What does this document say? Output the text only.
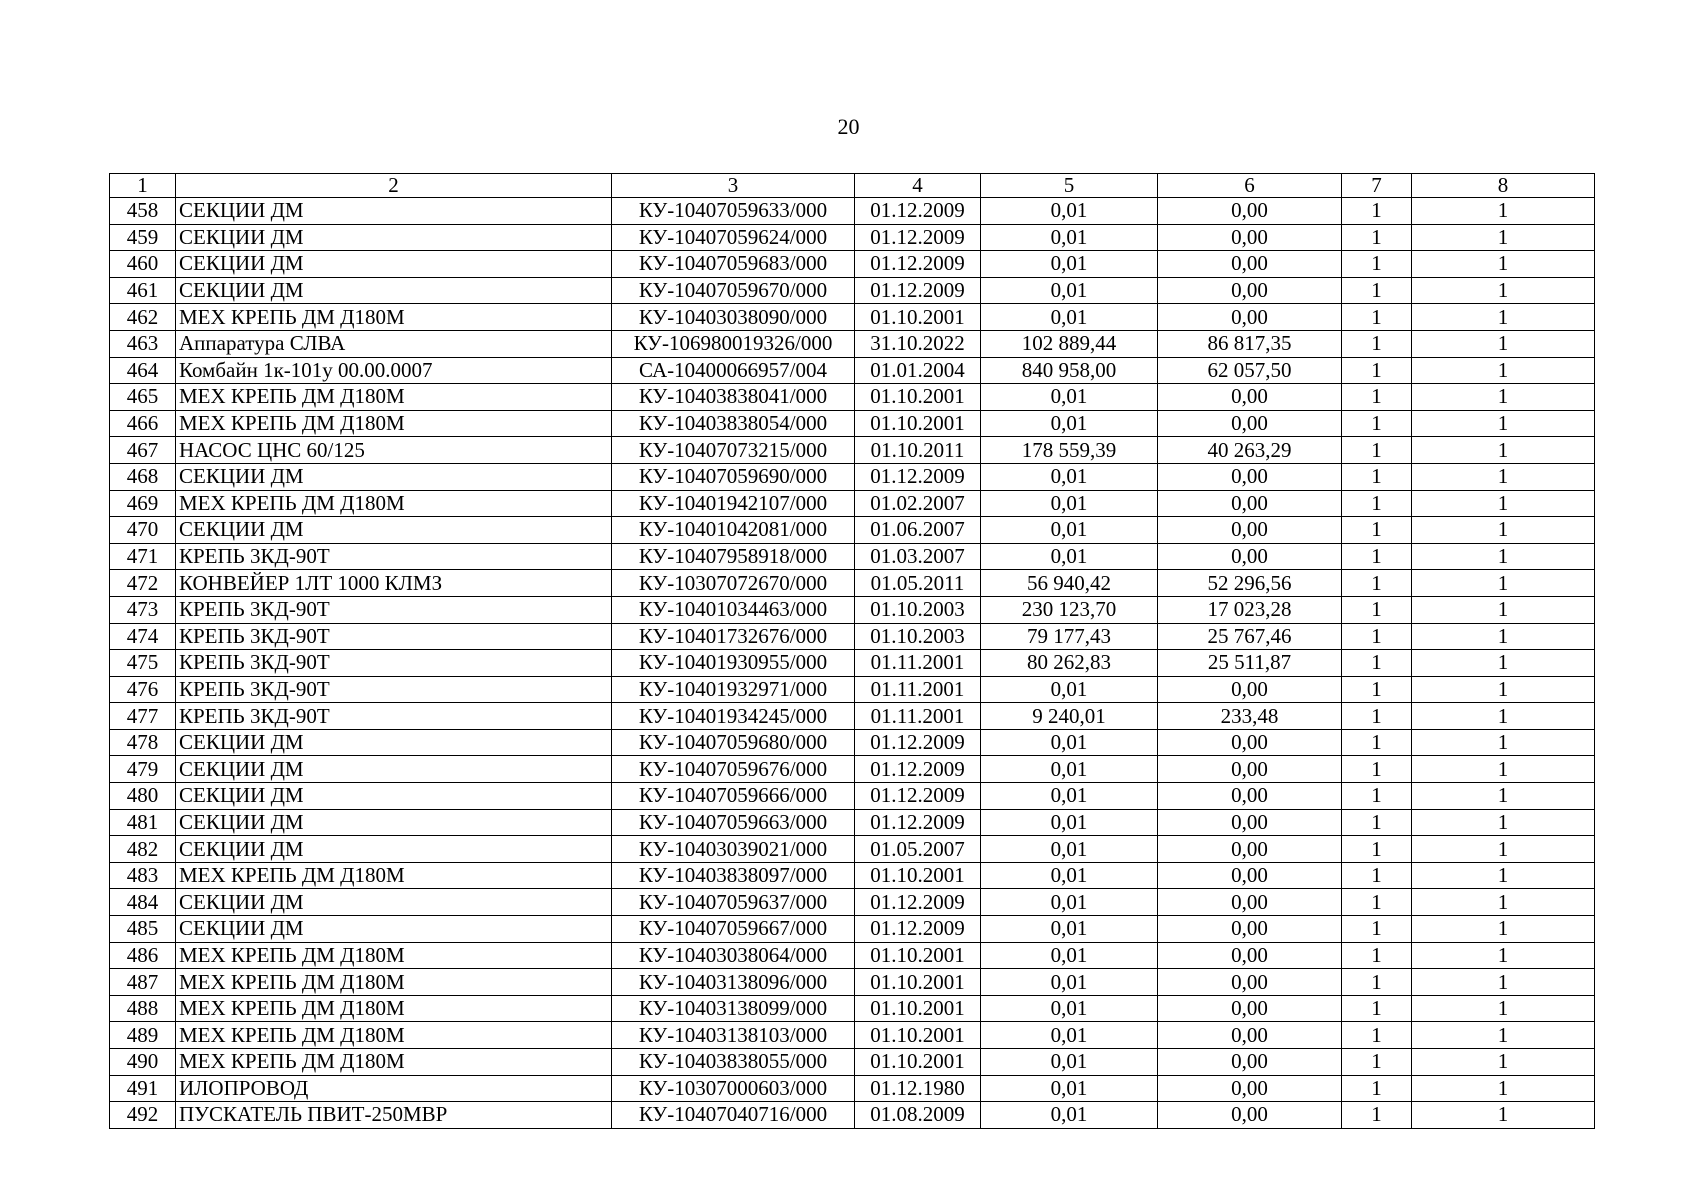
20
1	2	3	4	5	6	7	8
458	СЕКЦИИ ДМ	КУ-10407059633/000	01.12.2009	0,01	0,00	1	1
459	СЕКЦИИ ДМ	КУ-10407059624/000	01.12.2009	0,01	0,00	1	1
460	СЕКЦИИ ДМ	КУ-10407059683/000	01.12.2009	0,01	0,00	1	1
461	СЕКЦИИ ДМ	КУ-10407059670/000	01.12.2009	0,01	0,00	1	1
462	МЕХ КРЕПЬ ДМ Д180М	КУ-10403038090/000	01.10.2001	0,01	0,00	1	1
463	Аппаратура СЛВА	КУ-106980019326/000	31.10.2022	102 889,44	86 817,35	1	1
464	Комбайн 1к-101у 00.00.0007	СА-10400066957/004	01.01.2004	840 958,00	62 057,50	1	1
465	МЕХ КРЕПЬ ДМ Д180М	КУ-10403838041/000	01.10.2001	0,01	0,00	1	1
466	МЕХ КРЕПЬ ДМ Д180М	КУ-10403838054/000	01.10.2001	0,01	0,00	1	1
467	НАСОС ЦНС 60/125	КУ-10407073215/000	01.10.2011	178 559,39	40 263,29	1	1
468	СЕКЦИИ ДМ	КУ-10407059690/000	01.12.2009	0,01	0,00	1	1
469	МЕХ КРЕПЬ ДМ Д180М	КУ-10401942107/000	01.02.2007	0,01	0,00	1	1
470	СЕКЦИИ ДМ	КУ-10401042081/000	01.06.2007	0,01	0,00	1	1
471	КРЕПЬ 3КД-90Т	КУ-10407958918/000	01.03.2007	0,01	0,00	1	1
472	КОНВЕЙЕР 1ЛТ 1000 КЛМЗ	КУ-10307072670/000	01.05.2011	56 940,42	52 296,56	1	1
473	КРЕПЬ 3КД-90Т	КУ-10401034463/000	01.10.2003	230 123,70	17 023,28	1	1
474	КРЕПЬ 3КД-90Т	КУ-10401732676/000	01.10.2003	79 177,43	25 767,46	1	1
475	КРЕПЬ 3КД-90Т	КУ-10401930955/000	01.11.2001	80 262,83	25 511,87	1	1
476	КРЕПЬ 3КД-90Т	КУ-10401932971/000	01.11.2001	0,01	0,00	1	1
477	КРЕПЬ 3КД-90Т	КУ-10401934245/000	01.11.2001	9 240,01	233,48	1	1
478	СЕКЦИИ ДМ	КУ-10407059680/000	01.12.2009	0,01	0,00	1	1
479	СЕКЦИИ ДМ	КУ-10407059676/000	01.12.2009	0,01	0,00	1	1
480	СЕКЦИИ ДМ	КУ-10407059666/000	01.12.2009	0,01	0,00	1	1
481	СЕКЦИИ ДМ	КУ-10407059663/000	01.12.2009	0,01	0,00	1	1
482	СЕКЦИИ ДМ	КУ-10403039021/000	01.05.2007	0,01	0,00	1	1
483	МЕХ КРЕПЬ ДМ Д180М	КУ-10403838097/000	01.10.2001	0,01	0,00	1	1
484	СЕКЦИИ ДМ	КУ-10407059637/000	01.12.2009	0,01	0,00	1	1
485	СЕКЦИИ ДМ	КУ-10407059667/000	01.12.2009	0,01	0,00	1	1
486	МЕХ КРЕПЬ ДМ Д180М	КУ-10403038064/000	01.10.2001	0,01	0,00	1	1
487	МЕХ КРЕПЬ ДМ Д180М	КУ-10403138096/000	01.10.2001	0,01	0,00	1	1
488	МЕХ КРЕПЬ ДМ Д180М	КУ-10403138099/000	01.10.2001	0,01	0,00	1	1
489	МЕХ КРЕПЬ ДМ Д180М	КУ-10403138103/000	01.10.2001	0,01	0,00	1	1
490	МЕХ КРЕПЬ ДМ Д180М	КУ-10403838055/000	01.10.2001	0,01	0,00	1	1
491	ИЛОПРОВОД	КУ-10307000603/000	01.12.1980	0,01	0,00	1	1
492	ПУСКАТЕЛЬ ПВИТ-250МВР	КУ-10407040716/000	01.08.2009	0,01	0,00	1	1
